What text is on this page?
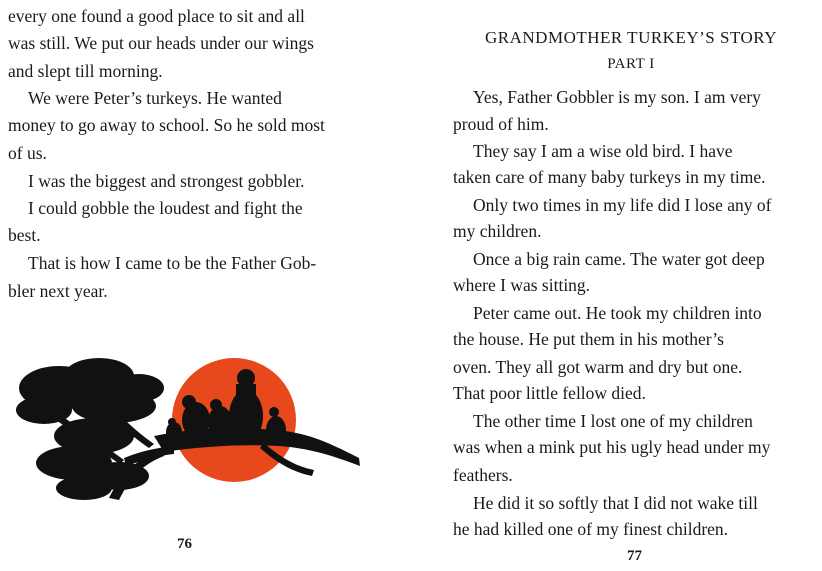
every one found a good place to sit and all
was still. We put our heads under our wings
and slept till morning.
We were Peter’s turkeys. He wanted
money to go away to school. So he sold most
of us.
I was the biggest and strongest gobbler.
I could gobble the loudest and fight the
best.
That is how I came to be the Father Gob-
bler next year.
76
GRANDMOTHER TURKEY’S STORY
PART I
Yes, Father Gobbler is my son. I am very
proud of him.
They say I am a wise old bird. I have
taken care of many baby turkeys in my time.
Only two times in my life did I lose any of
my children.
Once a big rain came. The water got deep
where I was sitting.
Peter came out. He took my children into
the house. He put them in his mother’s
oven. They all got warm and dry but one.
That poor little fellow died.
The other time I lost one of my children
was when a mink put his ugly head under my
feathers.
He did it so softly that I did not wake till
he had killed one of my finest children.
77
